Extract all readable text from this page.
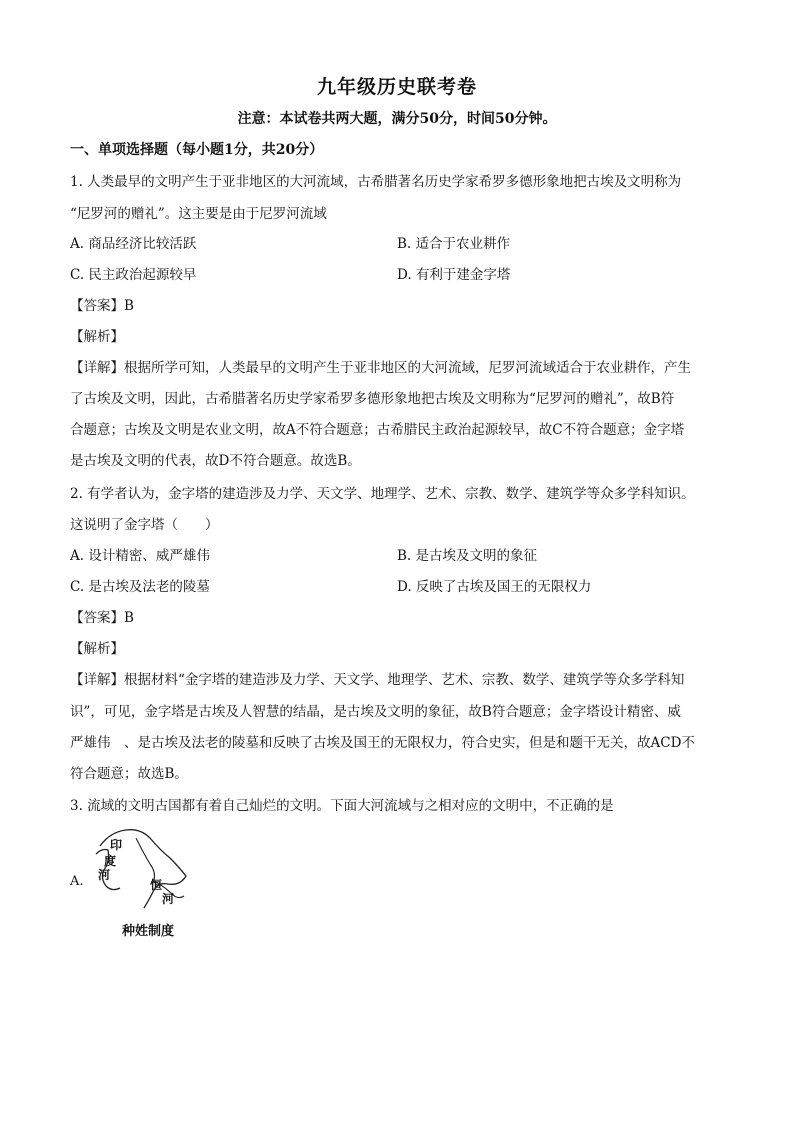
九年级历史联考卷
注意：本试卷共两大题，满分50分，时间50分钟。
一、单项选择题（每小题1分，共20分）
1. 人类最早的文明产生于亚非地区的大河流域，古希腊著名历史学家希罗多德形象地把古埃及文明称为
“尼罗河的赠礼”。这主要是由于尼罗河流域
A. 商品经济比较活跃	B. 适合于农业耕作
C. 民主政治起源较早	D. 有利于建金字塔
【答案】B
【解析】
【详解】根据所学可知，人类最早的文明产生于亚非地区的大河流域，尼罗河流域适合于农业耕作，产生
了古埃及文明，因此，古希腊著名历史学家希罗多德形象地把古埃及文明称为“尼罗河的赠礼”，故B符
合题意；古埃及文明是农业文明，故A不符合题意；古希腊民主政治起源较早，故C不符合题意；金字塔
是古埃及文明的代表，故D不符合题意。故选B。
2. 有学者认为，金字塔的建造涉及力学、天文学、地理学、艺术、宗教、数学、建筑学等众多学科知识。
这说明了金字塔（　　）
A. 设计精密、威严雄伟	B. 是古埃及文明的象征
C. 是古埃及法老的陵墓	D. 反映了古埃及国王的无限权力
【答案】B
【解析】
【详解】根据材料“金字塔的建造涉及力学、天文学、地理学、艺术、宗教、数学、建筑学等众多学科知
识”，可见，金字塔是古埃及人智慧的结晶，是古埃及文明的象征，故B符合题意；金字塔设计精密、威
严雄伟　、是古埃及法老的陵墓和反映了古埃及国王的无限权力，符合史实，但是和题干无关，故ACD不
符合题意；故选B。
3. 流域的文明古国都有着自己灿烂的文明。下面大河流域与之相对应的文明中，不正确的是
A.
印
度
河
恒
河
种姓制度
